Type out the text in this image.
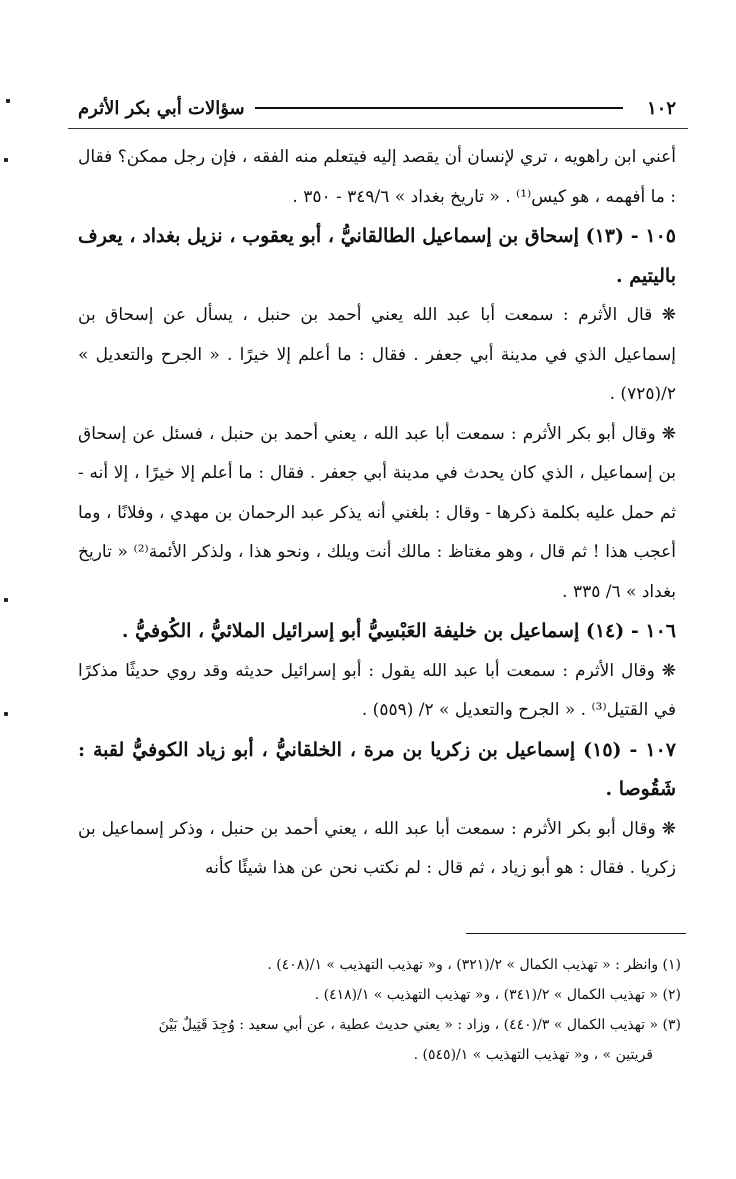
١٠٢
سؤالات أبي بكر الأثرم

أعني ابن راهويه ، تري لإنسان أن يقصد إليه فيتعلم منه الفقه ، فإن رجل ممكن؟ فقال : ما أفهمه ، هو كيس⁽¹⁾ . « تاريخ بغداد » ٣٤٩/٦ - ٣٥٠ .

١٠٥ - (١٣) إسحاق بن إسماعيل الطالقانيُّ ، أبو يعقوب ، نزيل بغداد ، يعرف باليتيم .

❋ قال الأثرم : سمعت أبا عبد الله يعني أحمد بن حنبل ، يسأل عن إسحاق بن إسماعيل الذي في مدينة أبي جعفر . فقال : ما أعلم إلا خيرًا . « الجرح والتعديل » ٢/(٧٢٥) .

❋ وقال أبو بكر الأثرم : سمعت أبا عبد الله ، يعني أحمد بن حنبل ، فسئل عن إسحاق بن إسماعيل ، الذي كان يحدث في مدينة أبي جعفر . فقال : ما أعلم إلا خيرًا ، إلا أنه - ثم حمل عليه بكلمة ذكرها - وقال : بلغني أنه يذكر عبد الرحمان بن مهدي ، وفلانًا ، وما أعجب هذا ! ثم قال ، وهو مغتاظ : مالك أنت ويلك ، ونحو هذا ، ولذكر الأئمة⁽²⁾ « تاريخ بغداد » ٦/ ٣٣٥ .

١٠٦ - (١٤) إسماعيل بن خليفة العَبْسِيُّ أبو إسرائيل الملائيُّ ، الكُوفيُّ .

❋ وقال الأثرم : سمعت أبا عبد الله يقول : أبو إسرائيل حديثه وقد روي حديثًا مذكرًا في القتيل⁽³⁾ . « الجرح والتعديل » ٢/ (٥٥٩) .

١٠٧ - (١٥) إسماعيل بن زكريا بن مرة ، الخلقانيُّ ، أبو زياد الكوفيُّ لقبة : شَقُوصا .

❋ وقال أبو بكر الأثرم : سمعت أبا عبد الله ، يعني أحمد بن حنبل ، وذكر إسماعيل بن زكريا . فقال : هو أبو زياد ، ثم قال : لم نكتب نحن عن هذا شيئًا كأنه

(١) وانظر : « تهذيب الكمال » ٢/(٣٢١) ، و« تهذيب التهذيب » ١/(٤٠٨) .

(٢) « تهذيب الكمال » ٢/(٣٤١) ، و« تهذيب التهذيب » ١/(٤١٨) .

(٣) « تهذيب الكمال » ٣/(٤٤٠) ، وزاد : « يعني حديث عطية ، عن أبي سعيد : وُجِدَ قَتِيلٌ بَيْنَ

قريتين » ، و« تهذيب التهذيب » ١/(٥٤٥) .
